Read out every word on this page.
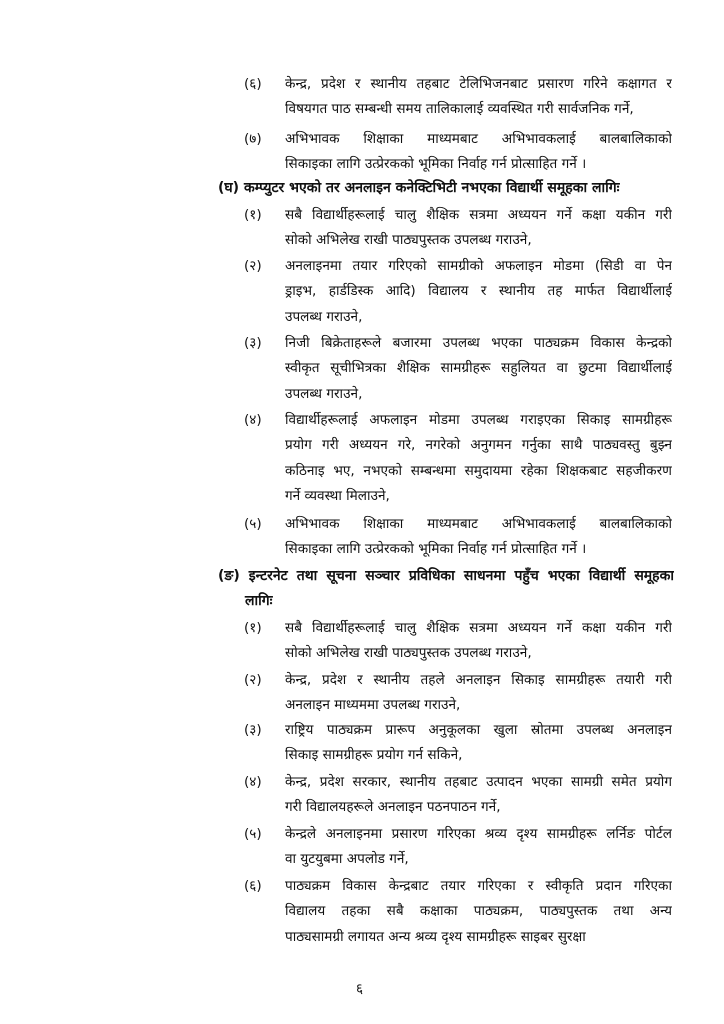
(६) केन्द्र, प्रदेश र स्थानीय तहबाट टेलिभिजनबाट प्रसारण गरिने कक्षागत र
विषयगत पाठ सम्बन्धी समय तालिकालाई व्यवस्थित गरी सार्वजनिक गर्ने,
(७) अभिभावक शिक्षाका माध्यमबाट अभिभावकलाई बालबालिकाको
सिकाइका लागि उत्प्रेरकको भूमिका निर्वाह गर्न प्रोत्साहित गर्ने ।
(घ) कम्प्युटर भएको तर अनलाइन कनेक्टिभिटी नभएका विद्यार्थी समूहका लागिः
(१) सबै विद्यार्थीहरूलाई चालु शैक्षिक सत्रमा अध्ययन गर्ने कक्षा यकीन गरी
सोको अभिलेख राखी पाठ्यपुस्तक उपलब्ध गराउने,
(२) अनलाइनमा तयार गरिएको सामग्रीको अफलाइन मोडमा (सिडी वा पेन
ड्राइभ, हार्डडिस्क आदि) विद्यालय र स्थानीय तह मार्फत विद्यार्थीलाई
उपलब्ध गराउने,
(३) निजी बिक्रेताहरूले बजारमा उपलब्ध भएका पाठ्यक्रम विकास केन्द्रको
स्वीकृत सूचीभित्रका शैक्षिक सामग्रीहरू सहुलियत वा छुटमा विद्यार्थीलाई
उपलब्ध गराउने,
(४) विद्यार्थीहरूलाई अफलाइन मोडमा उपलब्ध गराइएका सिकाइ सामग्रीहरू
प्रयोग गरी अध्ययन गरे, नगरेको अनुगमन गर्नुका साथै पाठ्यवस्तु बुझ्न
कठिनाइ भए, नभएको सम्बन्धमा समुदायमा रहेका शिक्षकबाट सहजीकरण
गर्ने व्यवस्था मिलाउने,
(५) अभिभावक शिक्षाका माध्यमबाट अभिभावकलाई बालबालिकाको
सिकाइका लागि उत्प्रेरकको भूमिका निर्वाह गर्न प्रोत्साहित गर्ने ।
(ङ) इन्टरनेट तथा सूचना सञ्चार प्रविधिका साधनमा पहुँच भएका विद्यार्थी समूहका
लागिः
(१) सबै विद्यार्थीहरूलाई चालु शैक्षिक सत्रमा अध्ययन गर्ने कक्षा यकीन गरी
सोको अभिलेख राखी पाठ्यपुस्तक उपलब्ध गराउने,
(२) केन्द्र, प्रदेश र स्थानीय तहले अनलाइन सिकाइ सामग्रीहरू तयारी गरी
अनलाइन माध्यममा उपलब्ध गराउने,
(३) राष्ट्रिय पाठ्यक्रम प्रारूप अनुकूलका खुला स्रोतमा उपलब्ध अनलाइन
सिकाइ सामग्रीहरू प्रयोग गर्न सकिने,
(४) केन्द्र, प्रदेश सरकार, स्थानीय तहबाट उत्पादन भएका सामग्री समेत प्रयोग
गरी विद्यालयहरूले अनलाइन पठनपाठन गर्ने,
(५) केन्द्रले अनलाइनमा प्रसारण गरिएका श्रव्य दृश्य सामग्रीहरू लर्निङ पोर्टल
वा युटयुबमा अपलोड गर्ने,
(६) पाठ्यक्रम विकास केन्द्रबाट तयार गरिएका र स्वीकृति प्रदान गरिएका
विद्यालय तहका सबै कक्षाका पाठ्यक्रम, पाठ्यपुस्तक तथा अन्य
पाठ्यसामग्री लगायत अन्य श्रव्य दृश्य सामग्रीहरू साइबर सुरक्षा
६
